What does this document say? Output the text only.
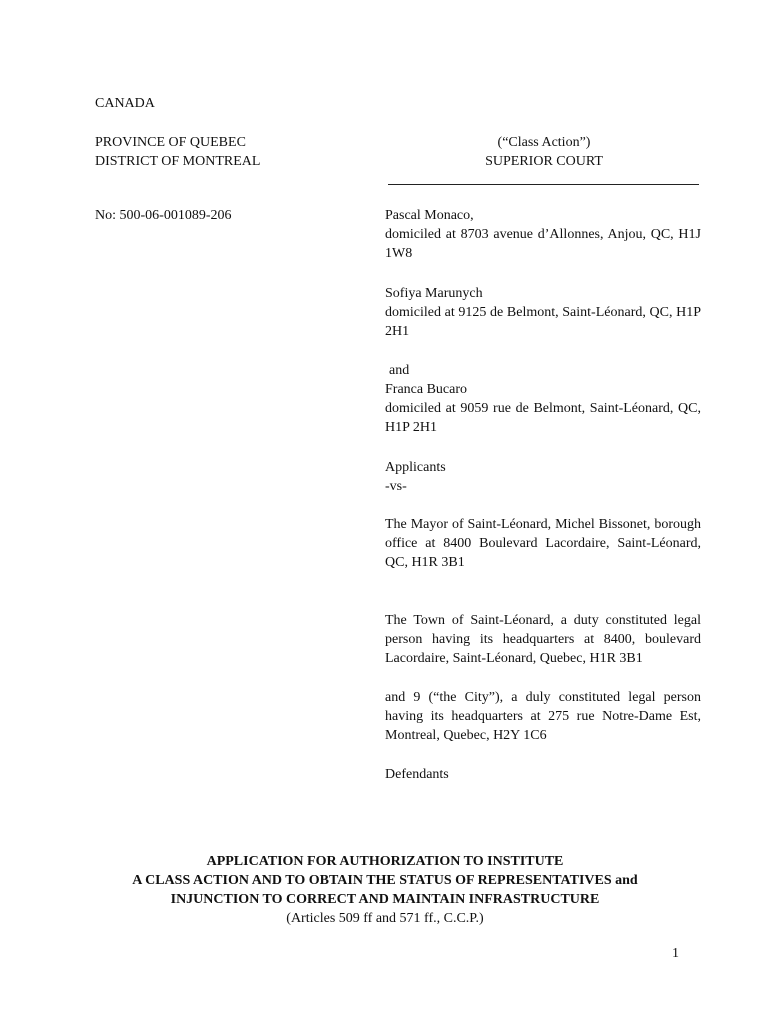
CANADA
PROVINCE OF QUEBEC
DISTRICT OF MONTREAL
No: 500-06-001089-206
(“Class Action”)
SUPERIOR COURT
Pascal Monaco,
domiciled at 8703 avenue d’Allonnes, Anjou, QC, H1J 1W8
Sofiya Marunych
domiciled at 9125 de Belmont, Saint-Léonard, QC, H1P 2H1
and
Franca Bucaro
domiciled at 9059 rue de Belmont, Saint-Léonard, QC, H1P 2H1
Applicants
-vs-
The Mayor of Saint-Léonard, Michel Bissonet, borough office at 8400 Boulevard Lacordaire, Saint-Léonard, QC, H1R 3B1
The Town of Saint-Léonard, a duty constituted legal person having its headquarters at 8400, boulevard Lacordaire, Saint-Léonard, Quebec, H1R 3B1
and 9 (“the City”), a duly constituted legal person having its headquarters at 275 rue Notre-Dame Est, Montreal, Quebec, H2Y 1C6
Defendants
APPLICATION FOR AUTHORIZATION TO INSTITUTE
A CLASS ACTION AND TO OBTAIN THE STATUS OF REPRESENTATIVES and
INJUNCTION TO CORRECT AND MAINTAIN INFRASTRUCTURE
(Articles 509 ff and 571 ff., C.C.P.)
1
